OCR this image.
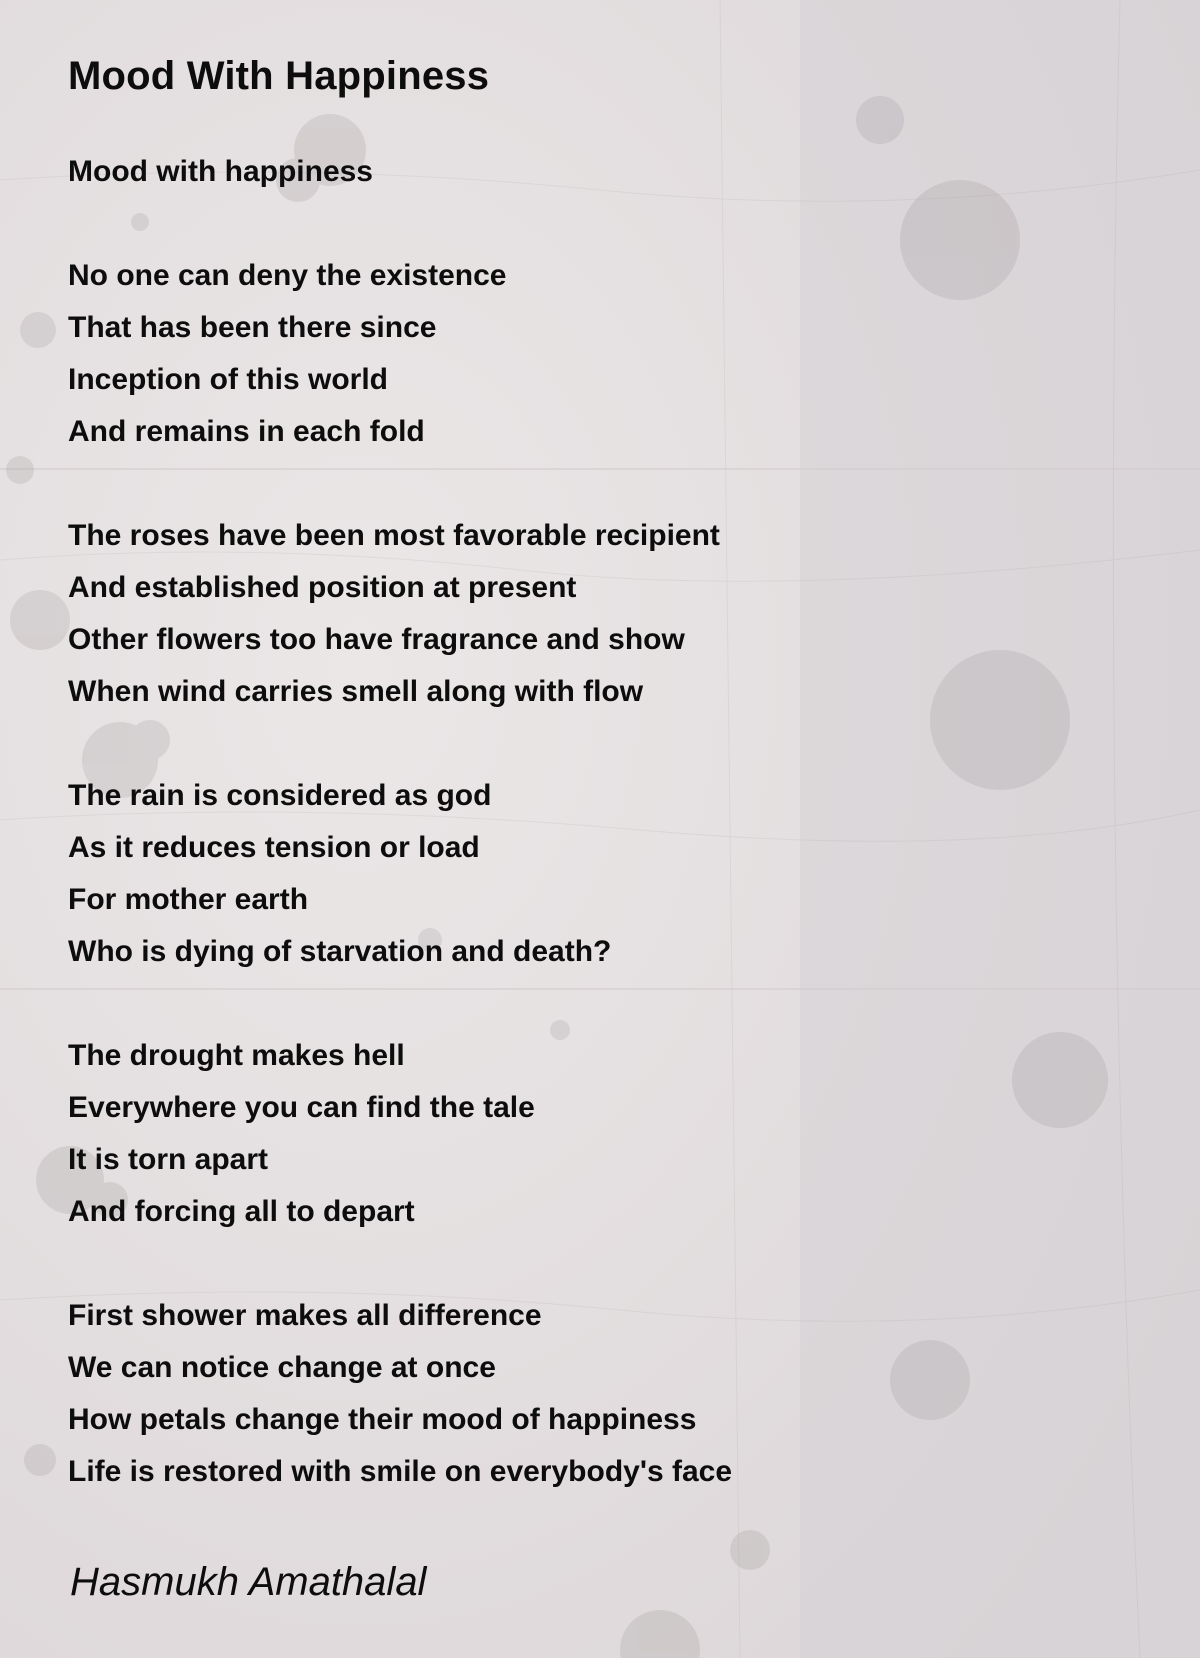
Mood With Happiness
Mood with happiness
No one can deny the existence
That has been there since
Inception of this world
And remains in each fold
The roses have been most favorable recipient
And established position at present
Other flowers too have fragrance and show
When wind carries smell along with flow
The rain is considered as god
As it reduces tension or load
For mother earth
Who is dying of starvation and death?
The drought makes hell
Everywhere you can find the tale
It is torn apart
And forcing all to depart
First shower makes all difference
We can notice change at once
How petals change their mood of happiness
Life is restored with smile on everybody's face
Hasmukh Amathalal
